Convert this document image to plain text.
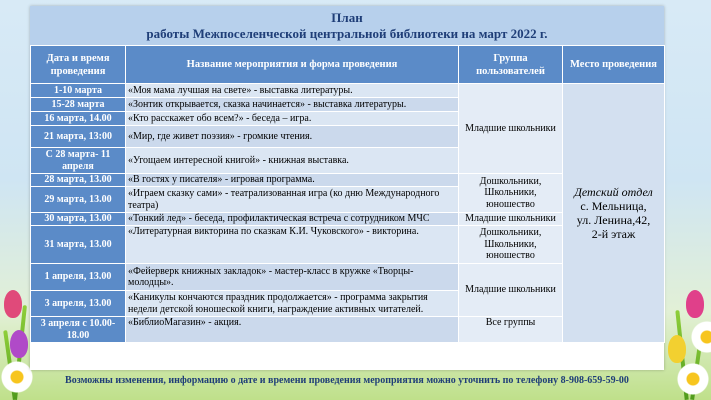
План
работы Межпоселенческой центральной библиотеки на март 2022 г.
Дата и время проведения	Название мероприятия и форма проведения	Группа пользователей	Место проведения
1-10 марта	«Моя мама лучшая на свете» - выставка литературы.	Младшие школьники	Детский отдел
с. Мельница,
ул. Ленина,42,
2-й этаж
15-28 марта	«Зонтик открывается, сказка начинается» - выставка литературы.		
16 марта, 14.00	«Кто расскажет обо всем?» - беседа – игра.		
21 марта, 13:00	«Мир, где живет поэзия» - громкие чтения.		
С 28 марта- 11 апреля	«Угощаем интересной книгой» - книжная выставка.		
28 марта, 13.00	«В гостях у писателя» - игровая программа.	Дошкольники, Школьники, юношество	
29 марта, 13.00	«Играем сказку сами» - театрализованная игра (ко дню Международного театра)		
30 марта, 13.00	«Тонкий лед» - беседа, профилактическая встреча с сотрудником МЧС	Младшие школьники	
31 марта, 13.00	«Литературная викторина по сказкам К.И. Чуковского» - викторина.	Дошкольники, Школьники, юношество	
1 апреля, 13.00	«Фейерверк книжных закладок» - мастер-класс в кружке «Творцы-молодцы».	Младшие школьники	
3 апреля, 13.00	«Каникулы кончаются праздник продолжается» - программа закрытия недели детской юношеской книги, награждение активных читателей.		
3 апреля с 10.00-18.00	«БиблиоМагазин» - акция.	Все группы	
Возможны изменения, информацию о дате и времени проведения мероприятия можно уточнить по телефону 8-908-659-59-00
